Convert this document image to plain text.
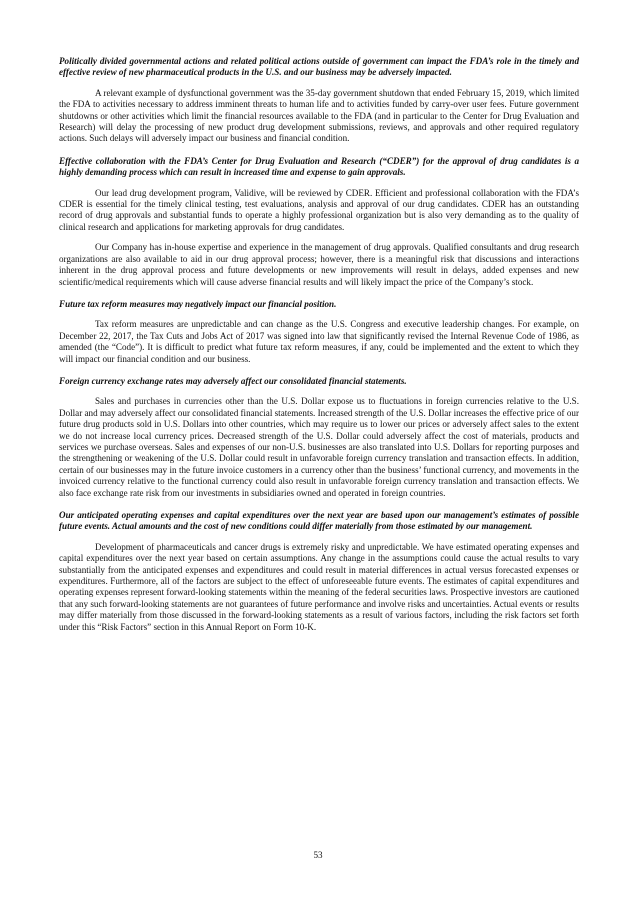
Politically divided governmental actions and related political actions outside of government can impact the FDA’s role in the timely and effective review of new pharmaceutical products in the U.S. and our business may be adversely impacted.

A relevant example of dysfunctional government was the 35-day government shutdown that ended February 15, 2019, which limited the FDA to activities necessary to address imminent threats to human life and to activities funded by carry-over user fees. Future government shutdowns or other activities which limit the financial resources available to the FDA (and in particular to the Center for Drug Evaluation and Research) will delay the processing of new product drug development submissions, reviews, and approvals and other required regulatory actions. Such delays will adversely impact our business and financial condition.

Effective collaboration with the FDA’s Center for Drug Evaluation and Research (“CDER”) for the approval of drug candidates is a highly demanding process which can result in increased time and expense to gain approvals.

Our lead drug development program, Validive, will be reviewed by CDER. Efficient and professional collaboration with the FDA’s CDER is essential for the timely clinical testing, test evaluations, analysis and approval of our drug candidates. CDER has an outstanding record of drug approvals and substantial funds to operate a highly professional organization but is also very demanding as to the quality of clinical research and applications for marketing approvals for drug candidates.

Our Company has in-house expertise and experience in the management of drug approvals. Qualified consultants and drug research organizations are also available to aid in our drug approval process; however, there is a meaningful risk that discussions and interactions inherent in the drug approval process and future developments or new improvements will result in delays, added expenses and new scientific/medical requirements which will cause adverse financial results and will likely impact the price of the Company’s stock.

Future tax reform measures may negatively impact our financial position.

Tax reform measures are unpredictable and can change as the U.S. Congress and executive leadership changes. For example, on December 22, 2017, the Tax Cuts and Jobs Act of 2017 was signed into law that significantly revised the Internal Revenue Code of 1986, as amended (the “Code”). It is difficult to predict what future tax reform measures, if any, could be implemented and the extent to which they will impact our financial condition and our business.

Foreign currency exchange rates may adversely affect our consolidated financial statements.

Sales and purchases in currencies other than the U.S. Dollar expose us to fluctuations in foreign currencies relative to the U.S. Dollar and may adversely affect our consolidated financial statements. Increased strength of the U.S. Dollar increases the effective price of our future drug products sold in U.S. Dollars into other countries, which may require us to lower our prices or adversely affect sales to the extent we do not increase local currency prices. Decreased strength of the U.S. Dollar could adversely affect the cost of materials, products and services we purchase overseas. Sales and expenses of our non-U.S. businesses are also translated into U.S. Dollars for reporting purposes and the strengthening or weakening of the U.S. Dollar could result in unfavorable foreign currency translation and transaction effects. In addition, certain of our businesses may in the future invoice customers in a currency other than the business’ functional currency, and movements in the invoiced currency relative to the functional currency could also result in unfavorable foreign currency translation and transaction effects. We also face exchange rate risk from our investments in subsidiaries owned and operated in foreign countries.

Our anticipated operating expenses and capital expenditures over the next year are based upon our management’s estimates of possible future events. Actual amounts and the cost of new conditions could differ materially from those estimated by our management.

Development of pharmaceuticals and cancer drugs is extremely risky and unpredictable. We have estimated operating expenses and capital expenditures over the next year based on certain assumptions. Any change in the assumptions could cause the actual results to vary substantially from the anticipated expenses and expenditures and could result in material differences in actual versus forecasted expenses or expenditures. Furthermore, all of the factors are subject to the effect of unforeseeable future events. The estimates of capital expenditures and operating expenses represent forward-looking statements within the meaning of the federal securities laws. Prospective investors are cautioned that any such forward-looking statements are not guarantees of future performance and involve risks and uncertainties. Actual events or results may differ materially from those discussed in the forward-looking statements as a result of various factors, including the risk factors set forth under this “Risk Factors” section in this Annual Report on Form 10-K.

53
